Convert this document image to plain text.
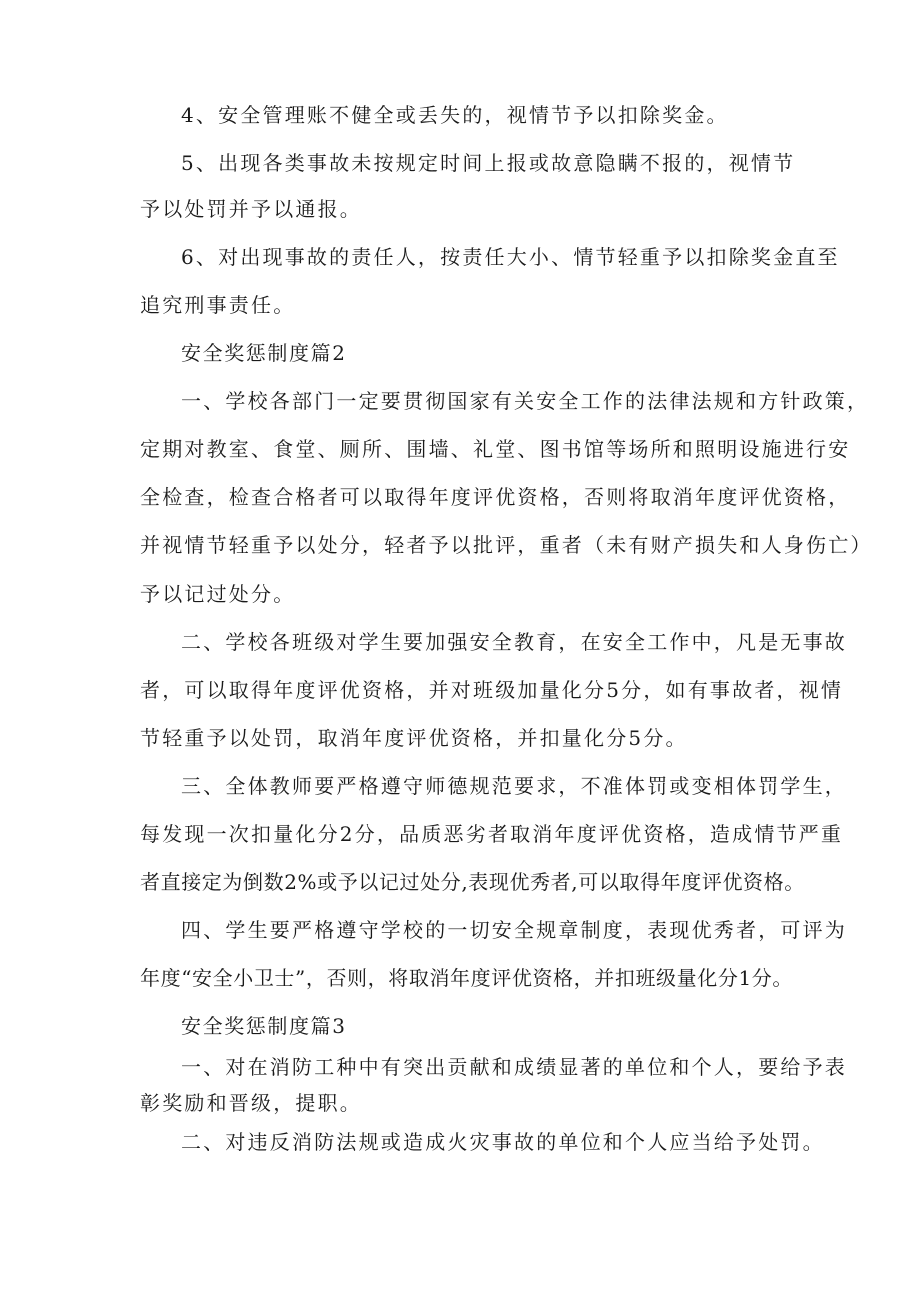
4、安全管理账不健全或丢失的，视情节予以扣除奖金。
5、出现各类事故未按规定时间上报或故意隐瞒不报的，视情节
予以处罚并予以通报。
6、对出现事故的责任人，按责任大小、情节轻重予以扣除奖金直至
追究刑事责任。
安全奖惩制度篇2
一、学校各部门一定要贯彻国家有关安全工作的法律法规和方针政策，
定期对教室、食堂、厕所、围墙、礼堂、图书馆等场所和照明设施进行安
全检查，检查合格者可以取得年度评优资格，否则将取消年度评优资格，
并视情节轻重予以处分，轻者予以批评，重者（未有财产损失和人身伤亡）
予以记过处分。
二、学校各班级对学生要加强安全教育，在安全工作中，凡是无事故
者，可以取得年度评优资格，并对班级加量化分5分，如有事故者，视情
节轻重予以处罚，取消年度评优资格，并扣量化分5分。
三、全体教师要严格遵守师德规范要求，不准体罚或变相体罚学生，
每发现一次扣量化分2分，品质恶劣者取消年度评优资格，造成情节严重
者直接定为倒数2%或予以记过处分,表现优秀者,可以取得年度评优资格。
四、学生要严格遵守学校的一切安全规章制度，表现优秀者，可评为
年度“安全小卫士”，否则，将取消年度评优资格，并扣班级量化分1分。
安全奖惩制度篇3
一、对在消防工种中有突出贡献和成绩显著的单位和个人，要给予表
彰奖励和晋级，提职。
二、对违反消防法规或造成火灾事故的单位和个人应当给予处罚。
